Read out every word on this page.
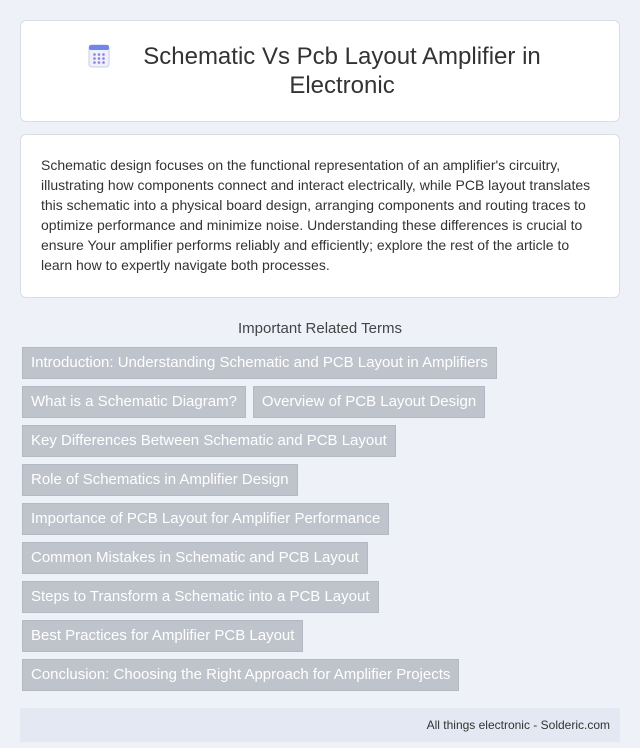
Schematic Vs Pcb Layout Amplifier in Electronic

Schematic design focuses on the functional representation of an amplifier's circuitry, illustrating how components connect and interact electrically, while PCB layout translates this schematic into a physical board design, arranging components and routing traces to optimize performance and minimize noise. Understanding these differences is crucial to ensure Your amplifier performs reliably and efficiently; explore the rest of the article to learn how to expertly navigate both processes.

Important Related Terms
Introduction: Understanding Schematic and PCB Layout in Amplifiers
What is a Schematic Diagram?	Overview of PCB Layout Design
Key Differences Between Schematic and PCB Layout
Role of Schematics in Amplifier Design
Importance of PCB Layout for Amplifier Performance
Common Mistakes in Schematic and PCB Layout
Steps to Transform a Schematic into a PCB Layout
Best Practices for Amplifier PCB Layout
Conclusion: Choosing the Right Approach for Amplifier Projects
All things electronic - Solderic.com
